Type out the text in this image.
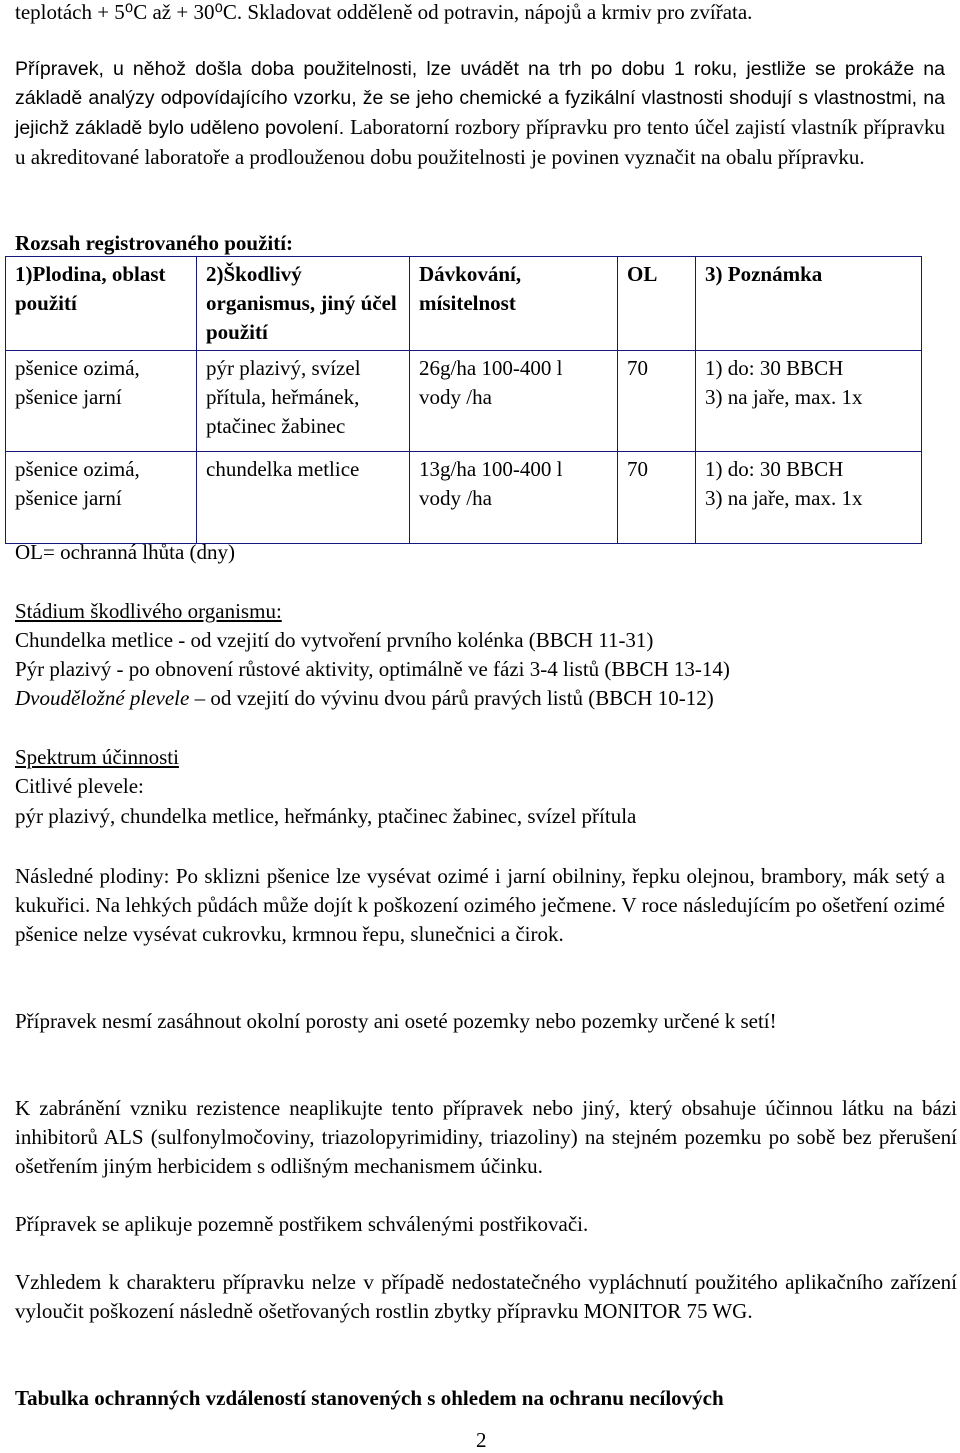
teplotách + 5⁰C až + 30⁰C. Skladovat odděleně od potravin, nápojů a krmiv pro zvířata.
Přípravek, u něhož došla doba použitelnosti, lze uvádět na trh po dobu 1 roku, jestliže se prokáže na základě analýzy odpovídajícího vzorku, že se jeho chemické a fyzikální vlastnosti shodují s vlastnostmi, na jejichž základě bylo uděleno povolení. Laboratorní rozbory přípravku pro tento účel zajistí vlastník přípravku u akreditované laboratoře a prodlouženou dobu použitelnosti je povinen vyznačit na obalu přípravku.
Rozsah registrovaného použití:
1)Plodina, oblast použití	2)Škodlivý organismus, jiný účel použití	Dávkování, mísitelnost	OL	3) Poznámka	
pšenice ozimá, pšenice jarní	pýr plazivý, svízel přítula, heřmánek, ptačinec žabinec	26g/ha 100-400 l vody /ha	70	1) do: 30 BBCH
3) na jaře, max. 1x	

pšenice ozimá, pšenice jarní	chundelka metlice	13g/ha 100-400 l vody /ha	70	1) do: 30 BBCH
3) na jaře, max. 1x	

OL= ochranná lhůta (dny)
Stádium škodlivého organismu:
Chundelka metlice - od vzejití do vytvoření prvního kolénka (BBCH 11-31)
Pýr plazivý - po obnovení růstové aktivity, optimálně ve fázi 3-4 listů (BBCH 13-14)
Dvouděložné plevele – od vzejití do vývinu dvou párů pravých listů (BBCH 10-12)
Spektrum účinnosti
Citlivé plevele:
pýr plazivý, chundelka metlice, heřmánky, ptačinec žabinec, svízel přítula
Následné plodiny: Po sklizni pšenice lze vysévat ozimé i jarní obilniny, řepku olejnou, brambory, mák setý a kukuřici. Na lehkých půdách může dojít k poškození ozimého ječmene. V roce následujícím po ošetření ozimé pšenice nelze vysévat cukrovku, krmnou řepu, slunečnici a čirok.
Přípravek nesmí zasáhnout okolní porosty ani oseté pozemky nebo pozemky určené k setí!
K zabránění vzniku rezistence neaplikujte tento přípravek nebo jiný, který obsahuje účinnou látku na bázi inhibitorů ALS (sulfonylmočoviny, triazolopyrimidiny, triazoliny) na stejném pozemku po sobě bez přerušení ošetřením jiným herbicidem s odlišným mechanismem účinku.
Přípravek se aplikuje pozemně postřikem schválenými postřikovači.
Vzhledem k charakteru přípravku nelze v případě nedostatečného vypláchnutí použitého aplikačního zařízení vyloučit poškození následně ošetřovaných rostlin zbytky přípravku MONITOR 75 WG.
Tabulka ochranných vzdáleností stanovených s ohledem na ochranu necílových
2
